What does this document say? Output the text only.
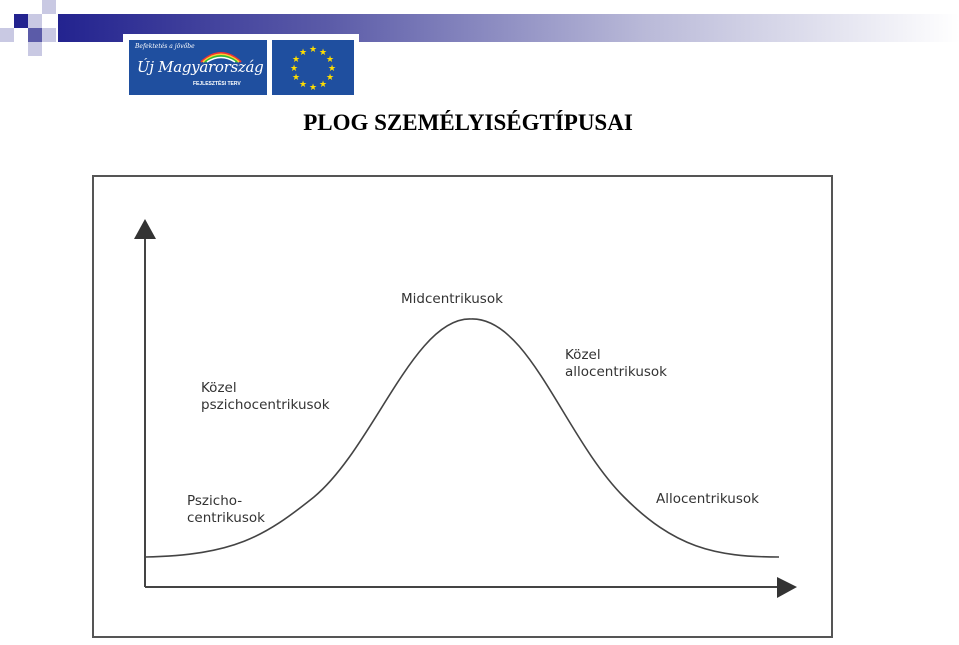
Befektetés a jövőbe
Új Magyarország
FEJLESZTÉSI TERV
★ ★
★
★
★
★
★
★
★
★
★
★
PLOG SZEMÉLYISÉGTÍPUSAI
Midcentrikusok
Közel
allocentrikusok
Közel
pszichocentrikusok
Pszicho-
centrikusok
Allocentrikusok
